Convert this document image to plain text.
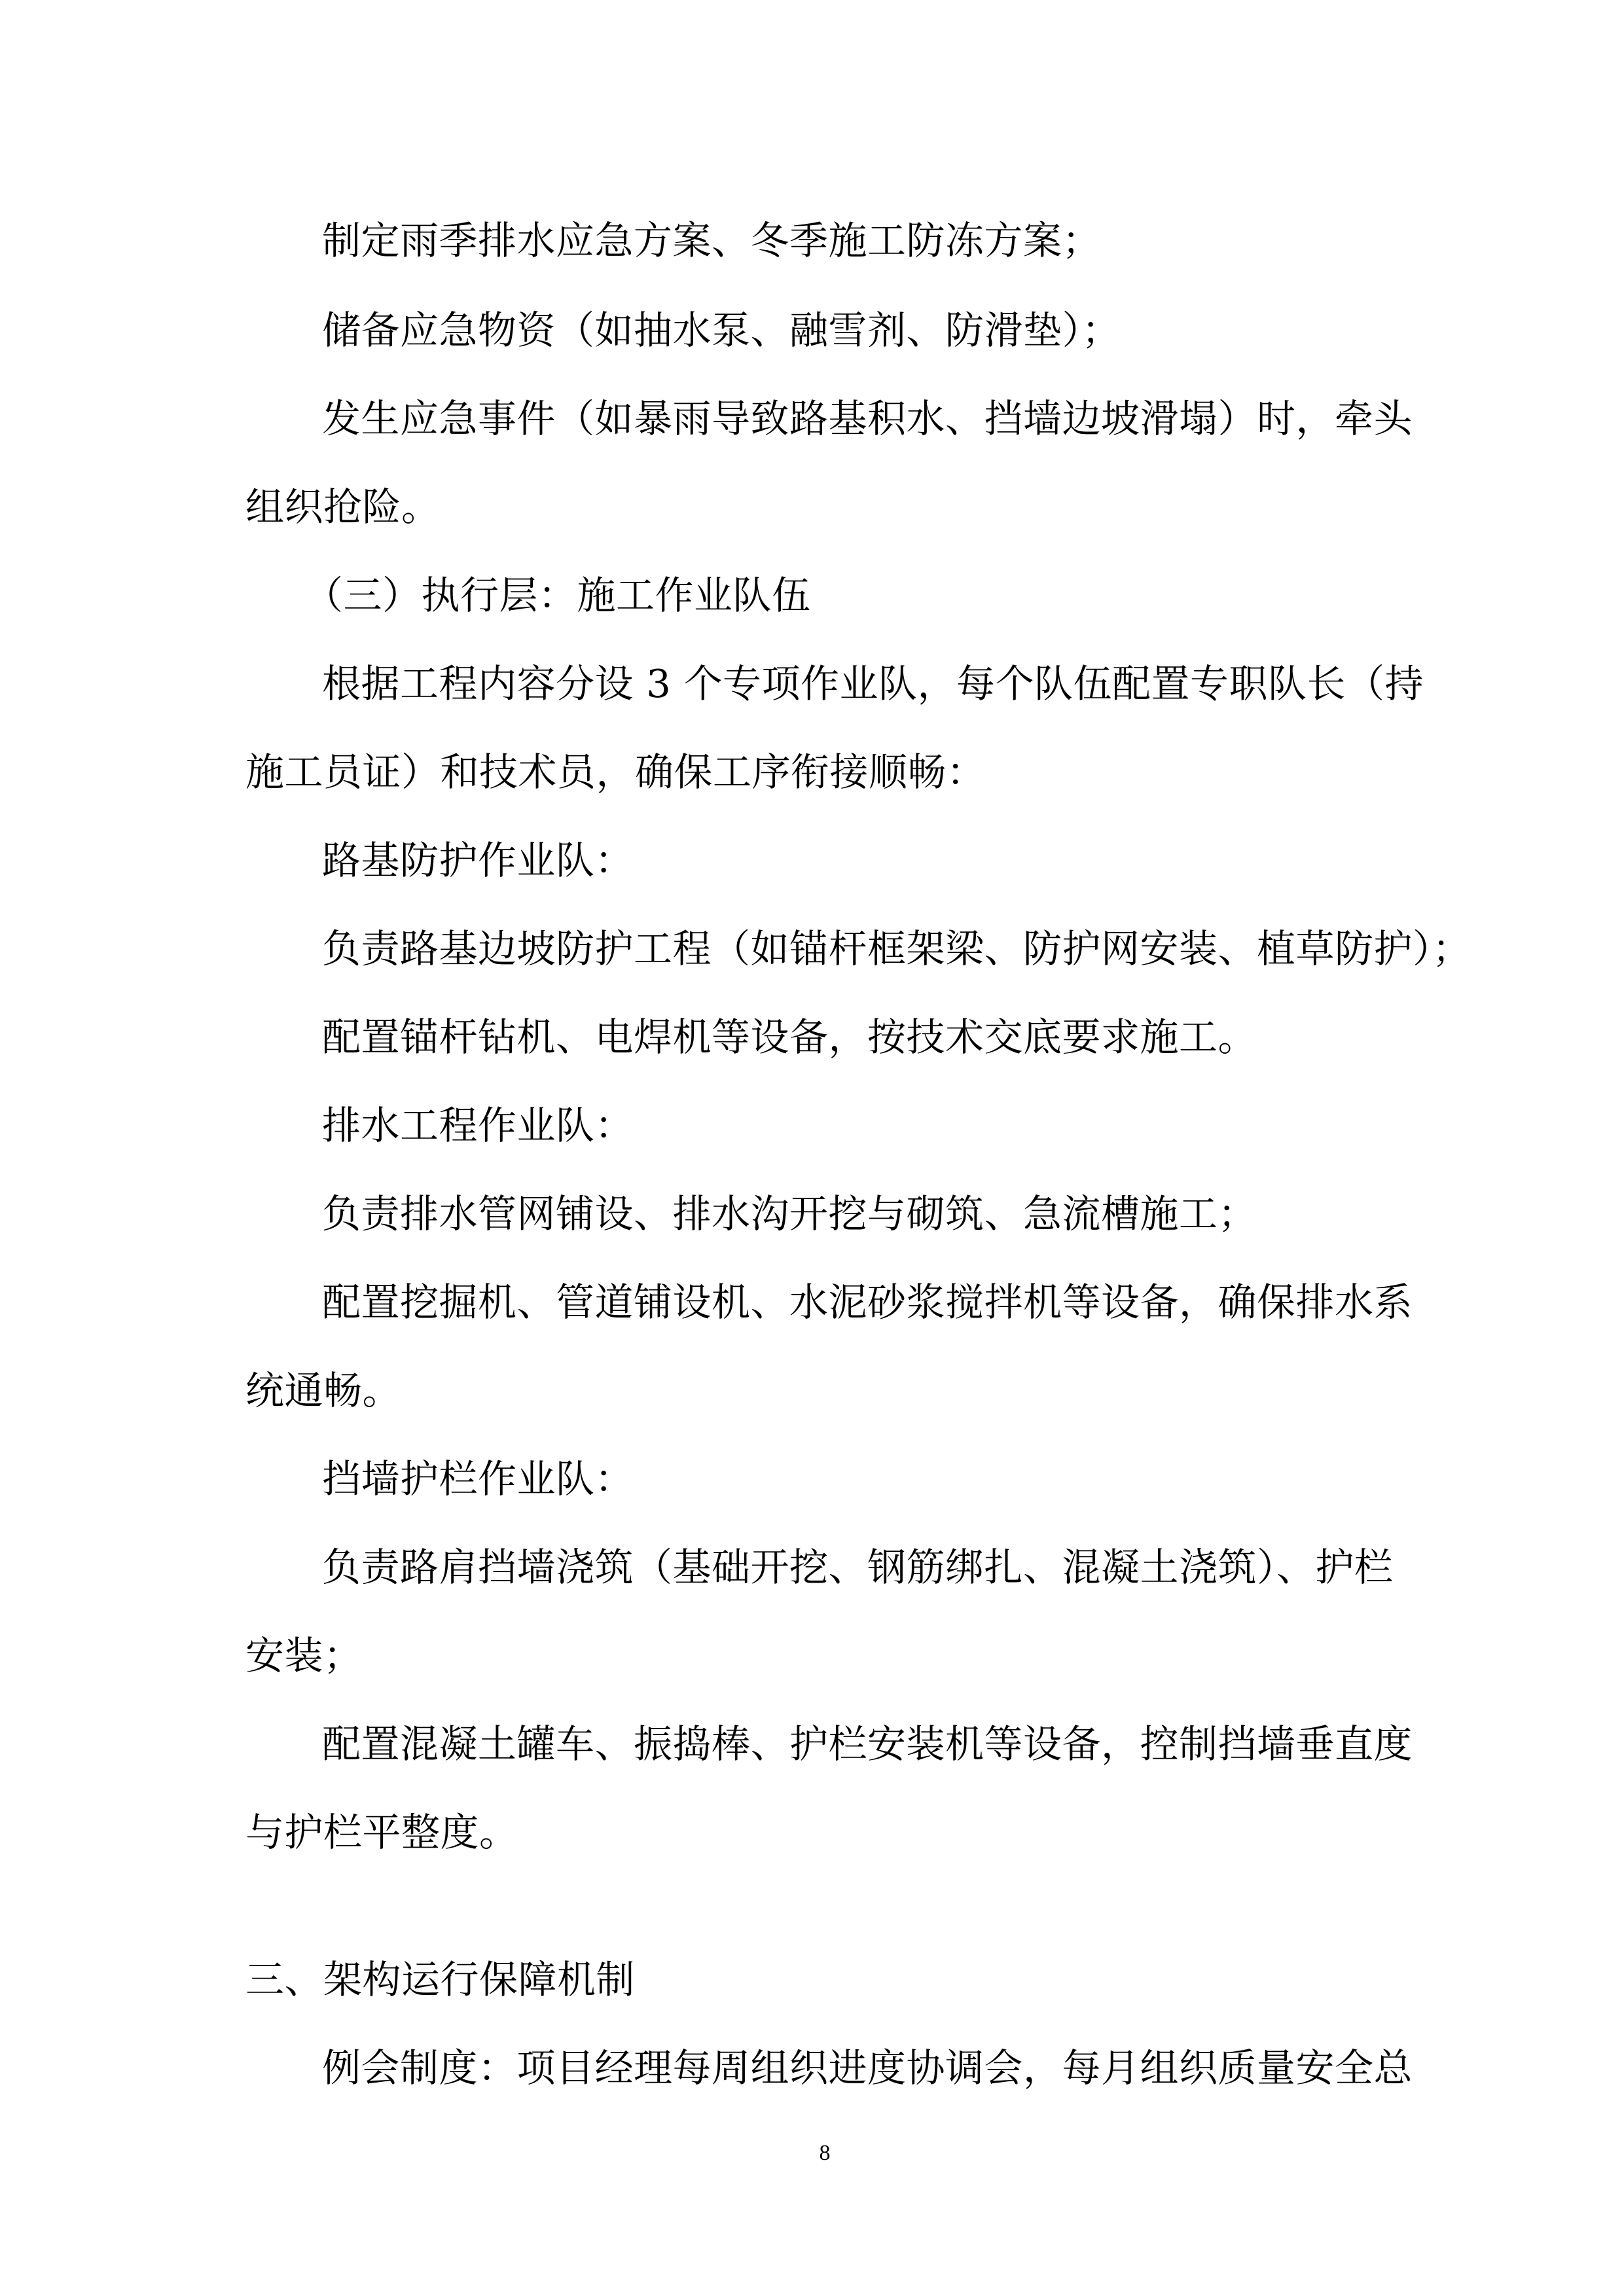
制定雨季排水应急方案、冬季施工防冻方案；
储备应急物资（如抽水泵、融雪剂、防滑垫）；
发生应急事件（如暴雨导致路基积水、挡墙边坡滑塌）时，牵头
组织抢险。
（三）执行层：施工作业队伍
根据工程内容分设 3 个专项作业队，每个队伍配置专职队长（持
施工员证）和技术员，确保工序衔接顺畅：
路基防护作业队：
负责路基边坡防护工程（如锚杆框架梁、防护网安装、植草防护）；
配置锚杆钻机、电焊机等设备，按技术交底要求施工。
排水工程作业队：
负责排水管网铺设、排水沟开挖与砌筑、急流槽施工；
配置挖掘机、管道铺设机、水泥砂浆搅拌机等设备，确保排水系
统通畅。
挡墙护栏作业队：
负责路肩挡墙浇筑（基础开挖、钢筋绑扎、混凝土浇筑）、护栏
安装；
配置混凝土罐车、振捣棒、护栏安装机等设备，控制挡墙垂直度
与护栏平整度。
三、架构运行保障机制
例会制度：项目经理每周组织进度协调会，每月组织质量安全总
8
